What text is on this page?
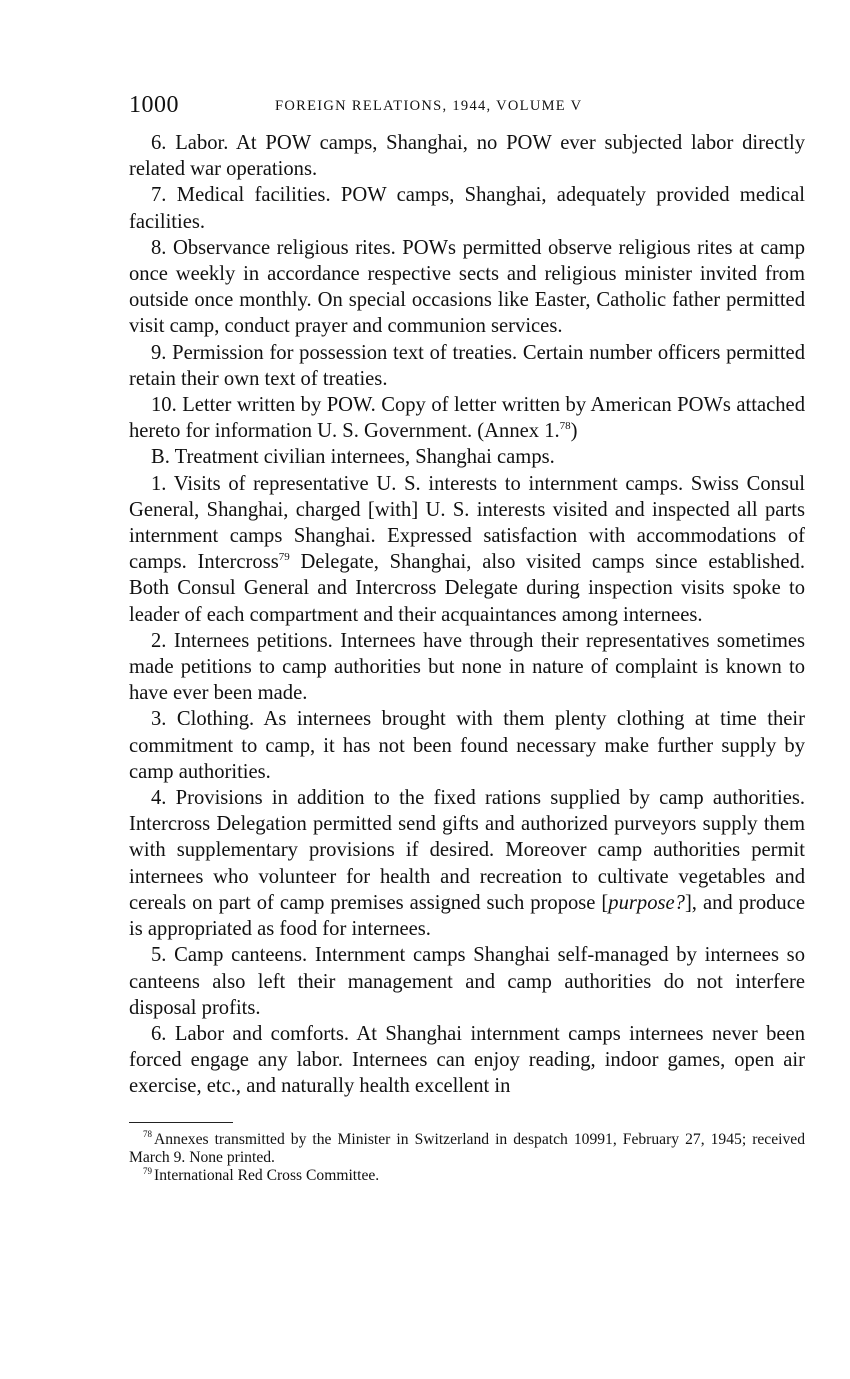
1000	FOREIGN RELATIONS, 1944, VOLUME V

6. Labor. At POW camps, Shanghai, no POW ever subjected labor directly related war operations.

7. Medical facilities. POW camps, Shanghai, adequately provided medical facilities.

8. Observance religious rites. POWs permitted observe religious rites at camp once weekly in accordance respective sects and religious minister invited from outside once monthly. On special occasions like Easter, Catholic father permitted visit camp, conduct prayer and communion services.

9. Permission for possession text of treaties. Certain number officers permitted retain their own text of treaties.

10. Letter written by POW. Copy of letter written by American POWs attached hereto for information U. S. Government. (Annex 1.78)

B. Treatment civilian internees, Shanghai camps.

1. Visits of representative U. S. interests to internment camps. Swiss Consul General, Shanghai, charged [with] U. S. interests visited and inspected all parts internment camps Shanghai. Expressed satisfaction with accommodations of camps. Intercross$^{79}$ Delegate, Shanghai, also visited camps since established. Both Consul General and Intercross Delegate during inspection visits spoke to leader of each compartment and their acquaintances among internees.

2. Internees petitions. Internees have through their representatives sometimes made petitions to camp authorities but none in nature of complaint is known to have ever been made.

3. Clothing. As internees brought with them plenty clothing at time their commitment to camp, it has not been found necessary make further supply by camp authorities.

4. Provisions in addition to the fixed rations supplied by camp authorities. Intercross Delegation permitted send gifts and authorized purveyors supply them with supplementary provisions if desired. Moreover camp authorities permit internees who volunteer for health and recreation to cultivate vegetables and cereals on part of camp premises assigned such propose [purpose?], and produce is appropriated as food for internees.

5. Camp canteens. Internment camps Shanghai self-managed by internees so canteens also left their management and camp authorities do not interfere disposal profits.

6. Labor and comforts. At Shanghai internment camps internees never been forced engage any labor. Internees can enjoy reading, indoor games, open air exercise, etc., and naturally health excellent in

$^{78}$ Annexes transmitted by the Minister in Switzerland in despatch 10991, February 27, 1945; received March 9. None printed.

$^{79}$ International Red Cross Committee.
